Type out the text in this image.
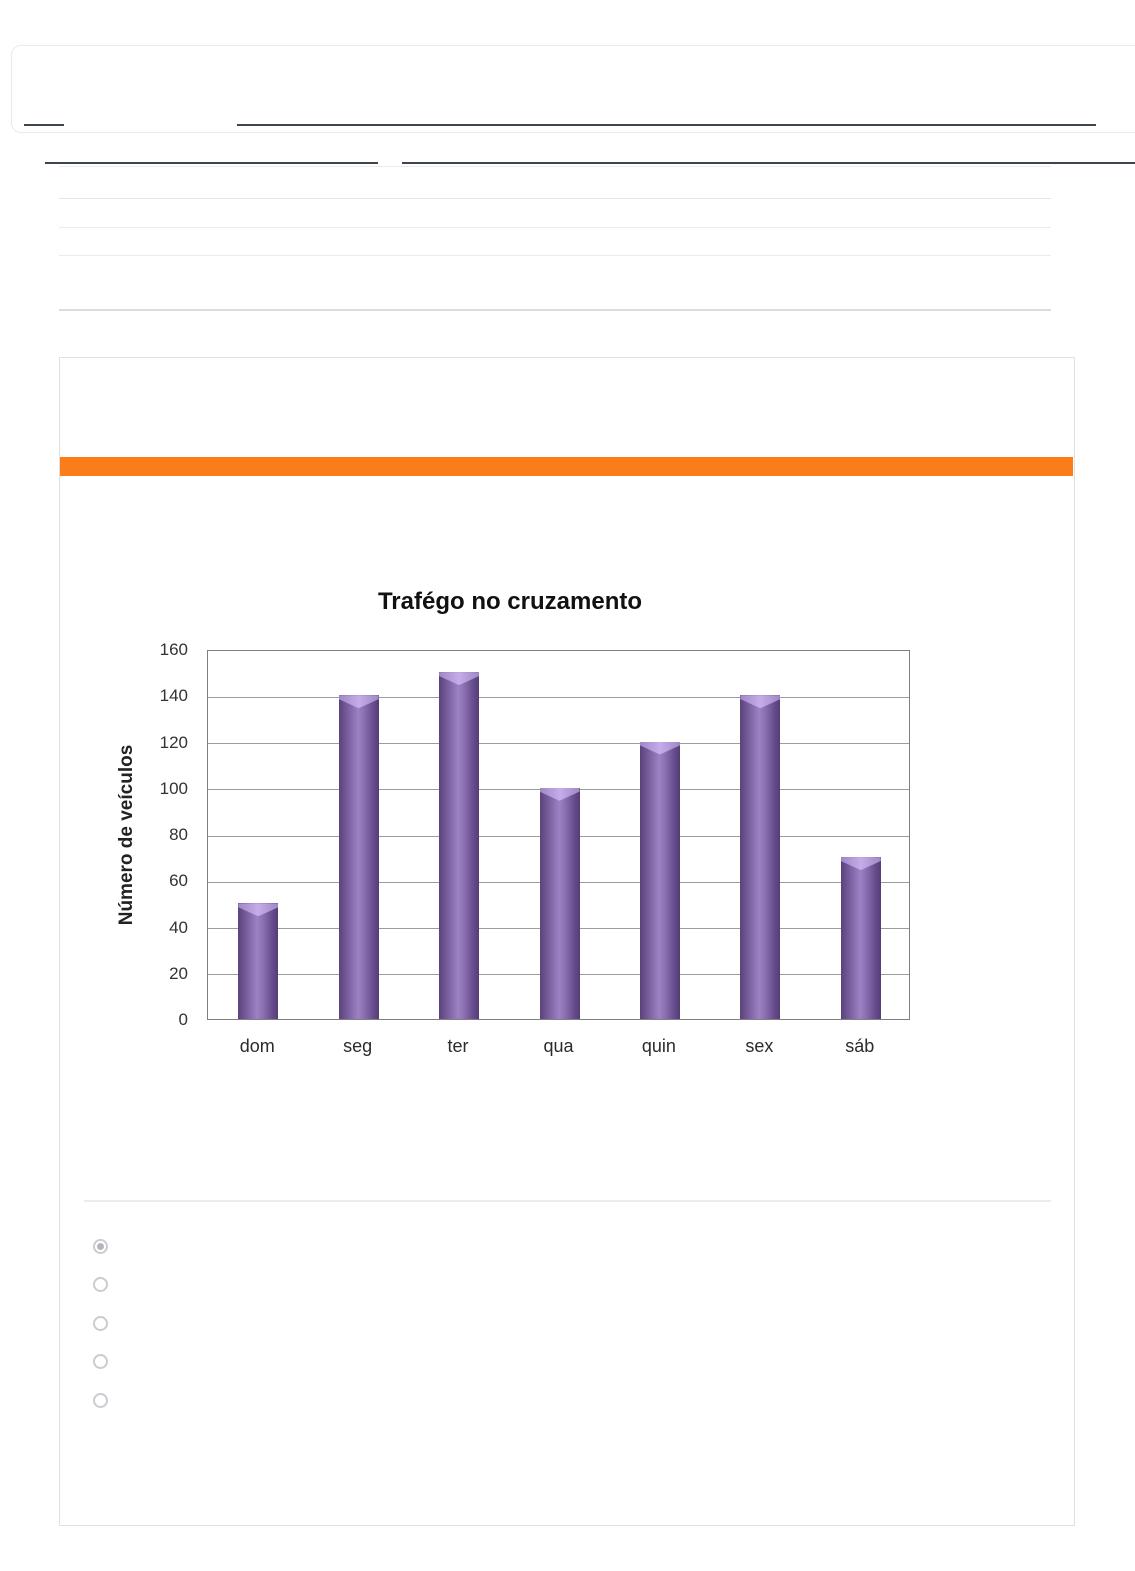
Trafégo no cruzamento
Número de veículos
0
20
40
60
80
100
120
140
160
dom	seg	ter	qua	quin	sex	sáb
